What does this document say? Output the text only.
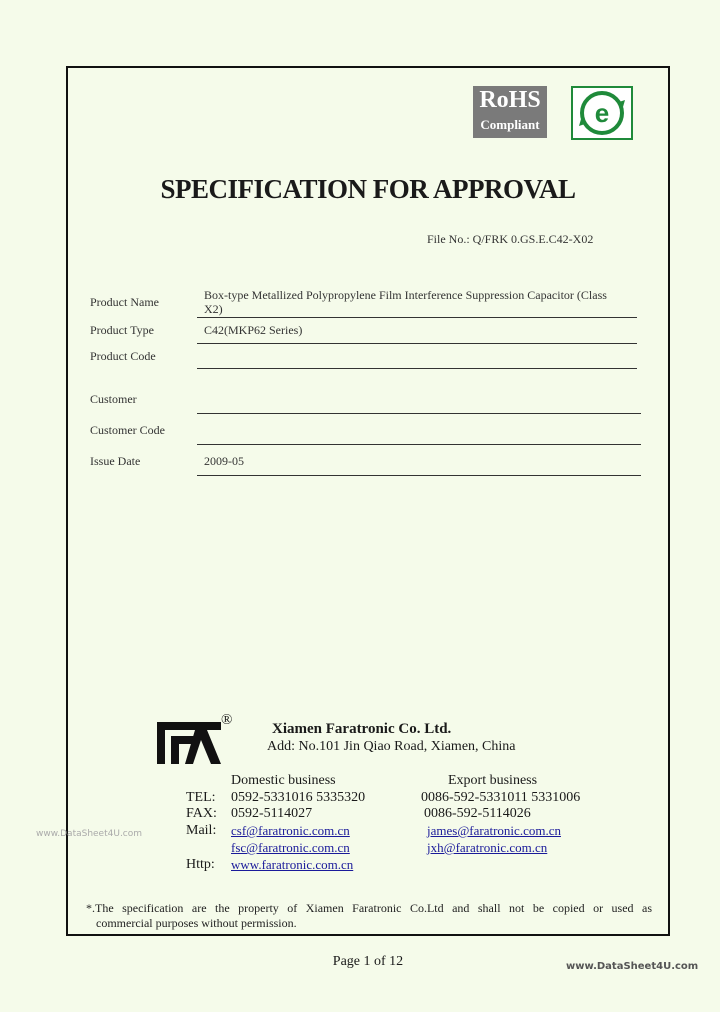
RoHS
Compliant e
SPECIFICATION FOR APPROVAL
File No.: Q/FRK 0.GS.E.C42-X02
Product Name	Box-type Metallized Polypropylene Film Interference Suppression Capacitor (Class
X2)
Product Type	C42(MKP62 Series)
Product Code
Customer
Customer Code
Issue Date	2009-05
®
Xiamen Faratronic Co. Ltd.
Add: No.101 Jin Qiao Road, Xiamen, China
Domestic business	Export business
TEL: 0592-5331016 5335320	0086-592-5331011 5331006
FAX: 0592-5114027	0086-592-5114026
Mail: csf@faratronic.com.cn	james@faratronic.com.cn
fsc@faratronic.com.cn	jxh@faratronic.com.cn
Http: www.faratronic.com.cn
*.The specification are the property of Xiamen Faratronic Co.Ltd and shall not be copied or used as
commercial purposes without permission.
Page 1 of 12
www.DataSheet4U.com
www.DataSheet4U.com
